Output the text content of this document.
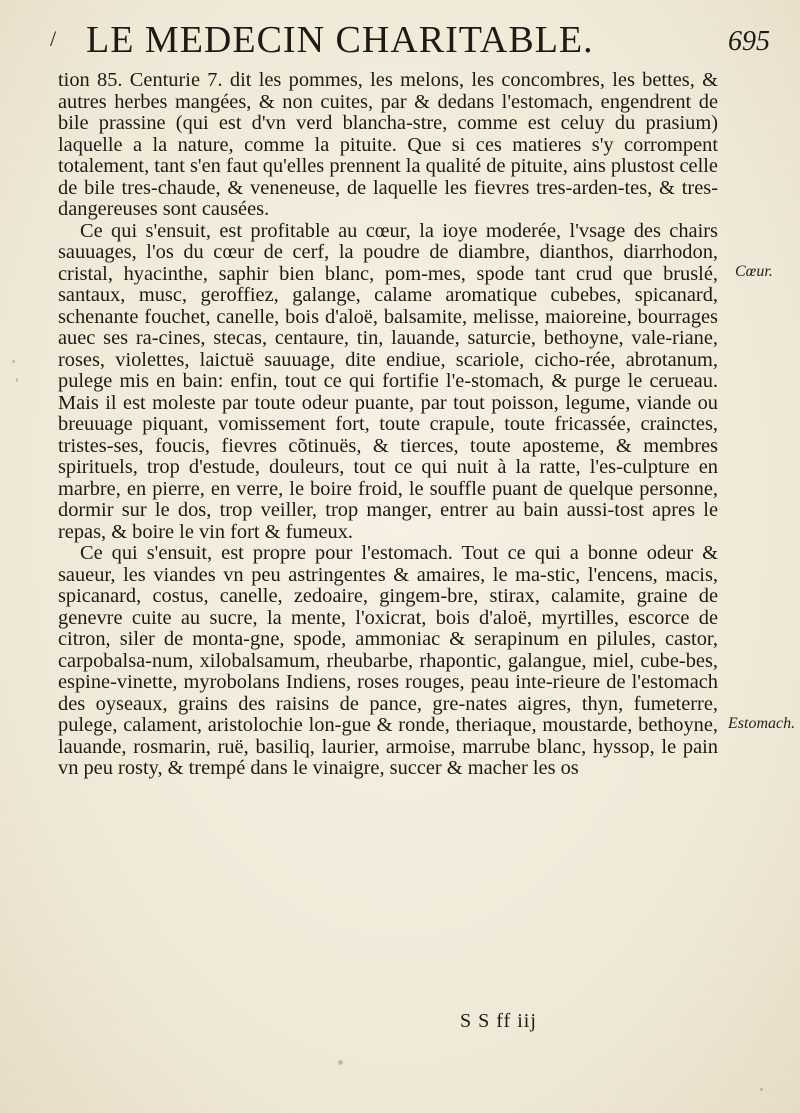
/ LE MEDECIN CHARITABLE.	695

tion 85. Centurie 7. dit les pommes, les melons, les concombres, les bettes, & autres herbes mangées, & non cuites, par & dedans l'estomach, engendrent de bile prassine (qui est d'vn verd blancha-stre, comme est celuy du prasium) laquelle a la nature, comme la pituite. Que si ces matieres s'y corrompent totalement, tant s'en faut qu'elles prennent la qualité de pituite, ains plustost celle de bile tres-chaude, & veneneuse, de laquelle les fievres tres-arden-tes, & tres-dangereuses sont causées.

Ce qui s'ensuit, est profitable au cœur, la ioye moderée, l'vsage des chairs sauuages, l'os du cœur de cerf, la poudre de diambre, dianthos, diarrhodon, cristal, hyacinthe, saphir bien blanc, pom-mes, spode tant crud que bruslé, santaux, musc, geroffiez, galange, calame aromatique cubebes, spicanard, schenante fouchet, canelle, bois d'aloë, balsamite, melisse, maioreine, bourrages auec ses ra-cines, stecas, centaure, tin, lauande, saturcie, bethoyne, vale-riane, roses, violettes, laictuë sauuage, dite endiue, scariole, cicho-rée, abrotanum, pulege mis en bain: enfin, tout ce qui fortifie l'e-stomach, & purge le cerueau. Mais il est moleste par toute odeur puante, par tout poisson, legume, viande ou breuuage piquant, vomissement fort, toute crapule, toute fricassée, crainctes, tristes-ses, foucis, fievres cõtinuës, & tierces, toute apostemе, & membres spirituels, trop d'estude, douleurs, tout ce qui nuit à la ratte, l'es-culpture en marbre, en pierre, en verre, le boire froid, le souffle puant de quelque personne, dormir sur le dos, trop veiller, trop manger, entrer au bain aussi-tost apres le repas, & boire le vin fort & fumeux.

Ce qui s'ensuit, est propre pour l'estomach. Tout ce qui a bonne odeur & saueur, les viandes vn peu astringentes & amaires, le ma-stic, l'encens, macis, spicanard, costus, canelle, zedoaire, gingem-bre, stirax, calamite, graine de genevre cuite au sucre, la mente, l'oxicrat, bois d'aloë, myrtilles, escorce de citron, siler de monta-gne, spode, ammoniac & serapinum en pilules, castor, carpobalsa-num, xilobalsamum, rheubarbe, rhapontic, galangue, miel, cube-bes, espine-vinette, myrobolans Indiens, roses rouges, peau inte-rieure de l'estomach des oyseaux, grains des raisins de pance, gre-nates aigres, thyn, fumeterre, pulege, calament, aristolochie lon-gue & ronde, theriaque, moustarde, bethoyne, lauande, rosmarin, ruë, basiliq, laurier, armoise, marrube blanc, hyssop, le pain vn peu rosty, & trempé dans le vinaigre, succer & macher les os

Cœur.
Estomach.
S S ff iij
